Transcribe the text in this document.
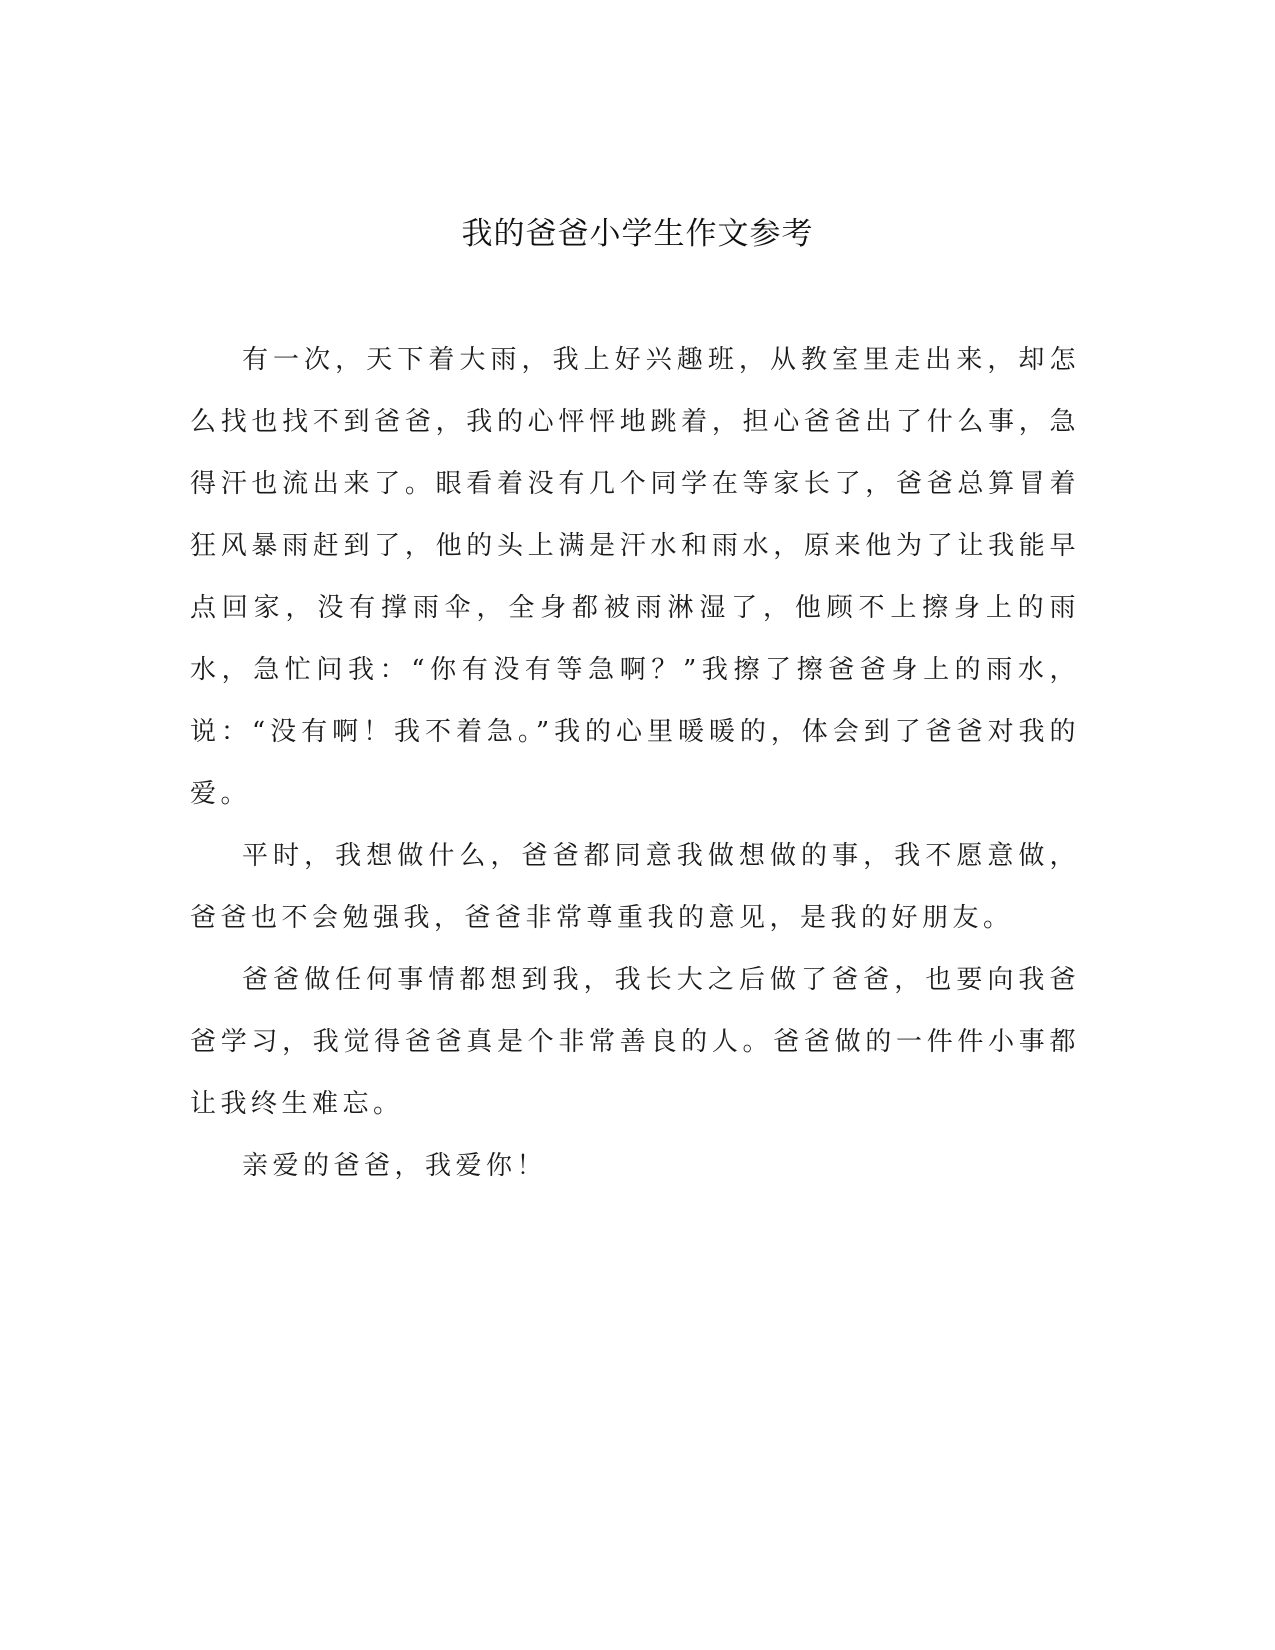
我的爸爸小学生作文参考

有一次，天下着大雨，我上好兴趣班，从教室里走出来，却怎么找也找不到爸爸，我的心怦怦地跳着，担心爸爸出了什么事，急得汗也流出来了。眼看着没有几个同学在等家长了，爸爸总算冒着狂风暴雨赶到了，他的头上满是汗水和雨水，原来他为了让我能早点回家，没有撑雨伞，全身都被雨淋湿了，他顾不上擦身上的雨水，急忙问我：“你有没有等急啊？”我擦了擦爸爸身上的雨水，说：“没有啊！我不着急。”我的心里暖暖的，体会到了爸爸对我的爱。

平时，我想做什么，爸爸都同意我做想做的事，我不愿意做，爸爸也不会勉强我，爸爸非常尊重我的意见，是我的好朋友。

爸爸做任何事情都想到我，我长大之后做了爸爸，也要向我爸爸学习，我觉得爸爸真是个非常善良的人。爸爸做的一件件小事都让我终生难忘。

亲爱的爸爸，我爱你！
